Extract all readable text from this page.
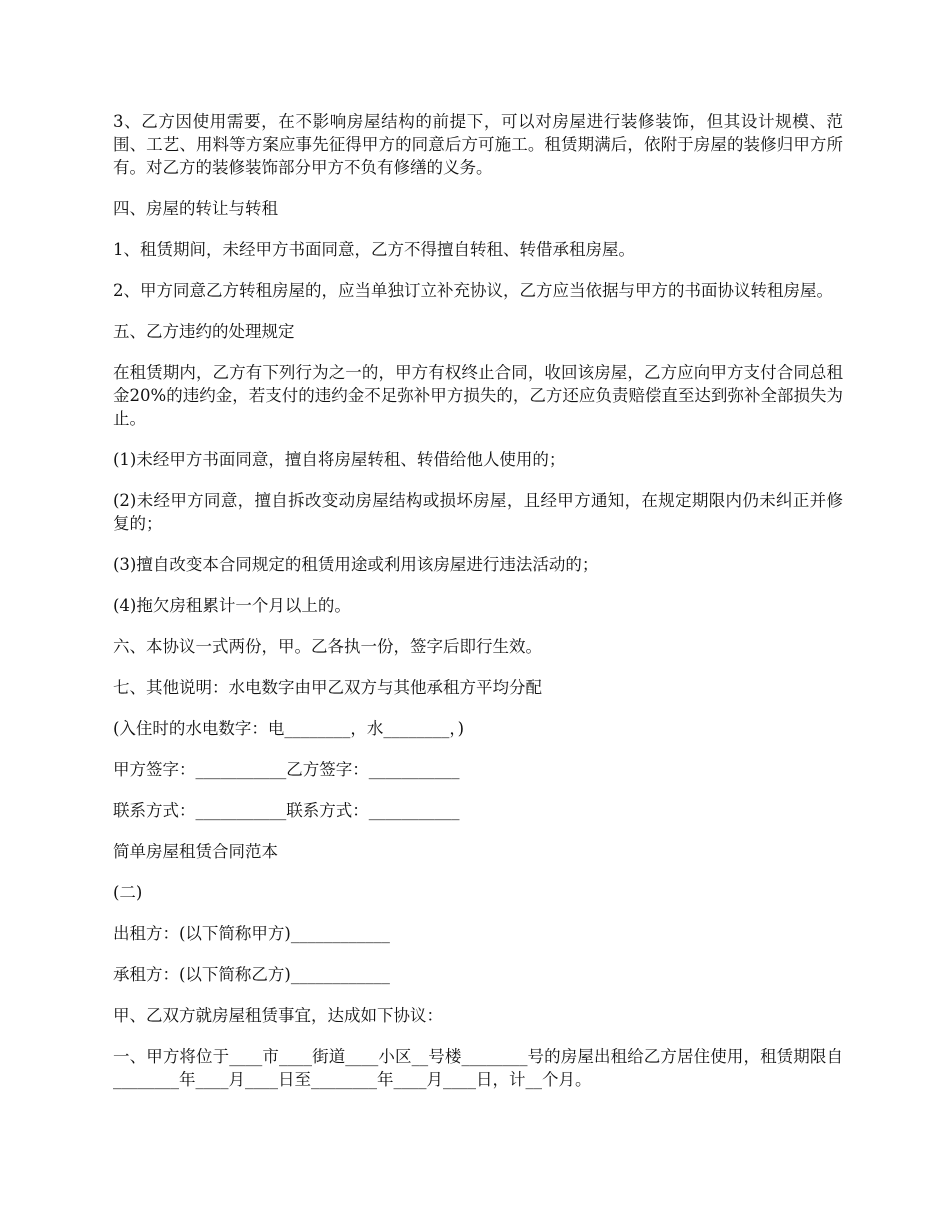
3、乙方因使用需要，在不影响房屋结构的前提下，可以对房屋进行装修装饰，但其设计规模、范围、工艺、用料等方案应事先征得甲方的同意后方可施工。租赁期满后，依附于房屋的装修归甲方所有。对乙方的装修装饰部分甲方不负有修缮的义务。

四、房屋的转让与转租

1、租赁期间，未经甲方书面同意，乙方不得擅自转租、转借承租房屋。

2、甲方同意乙方转租房屋的，应当单独订立补充协议，乙方应当依据与甲方的书面协议转租房屋。

五、乙方违约的处理规定

在租赁期内，乙方有下列行为之一的，甲方有权终止合同，收回该房屋，乙方应向甲方支付合同总租金20%的违约金，若支付的违约金不足弥补甲方损失的，乙方还应负责赔偿直至达到弥补全部损失为止。

(1)未经甲方书面同意，擅自将房屋转租、转借给他人使用的；

(2)未经甲方同意，擅自拆改变动房屋结构或损坏房屋，且经甲方通知，在规定期限内仍未纠正并修复的；

(3)擅自改变本合同规定的租赁用途或利用该房屋进行违法活动的；

(4)拖欠房租累计一个月以上的。

六、本协议一式两份，甲。乙各执一份，签字后即行生效。

七、其他说明：水电数字由甲乙双方与其他承租方平均分配

(入住时的水电数字：电________，水________，)

甲方签字：___________乙方签字：___________

联系方式：___________联系方式：___________

简单房屋租赁合同范本

(二)

出租方：(以下简称甲方)____________

承租方：(以下简称乙方)____________

甲、乙双方就房屋租赁事宜，达成如下协议：

一、甲方将位于____市____街道____小区__号楼________号的房屋出租给乙方居住使用，租赁期限自________年____月____日至________年____月____日，计__个月。
